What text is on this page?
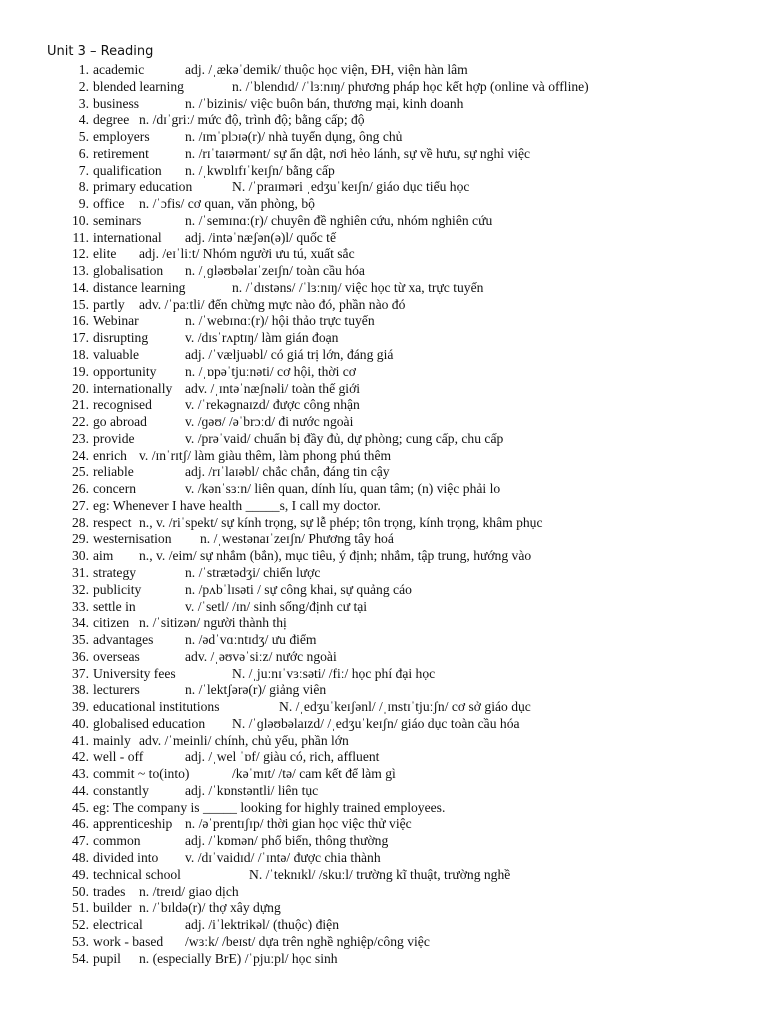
Unit 3 – Reading
1. academic	adj. /ˌækəˈdemik/ thuộc học viện, ĐH, viện hàn lâm
2. blended learning	n. /ˈblendɪd/ /ˈlɜːnɪŋ/ phương pháp học kết hợp (online và offline)
3. business	n. /ˈbizinis/ việc buôn bán, thương mại, kinh doanh
4. degree n. /dɪˈgriː/ mức độ, trình độ; bằng cấp; độ
5. employers	n. /ɪmˈplɔɪə(r)/ nhà tuyển dụng, ông chủ
6. retirement	n. /rɪˈtaɪərmənt/ sự ẩn dật, nơi hẻo lánh, sự về hưu, sự nghỉ việc
7. qualification n. /ˌkwɒlɪfɪˈkeɪʃn/ bằng cấp
8. primary education	N. /ˈpraɪməri ˌedʒuˈkeɪʃn/ giáo dục tiểu học
9. office n. /ˈɔfis/ cơ quan, văn phòng, bộ
10. seminars	n. /ˈsemɪnɑː(r)/ chuyên đề nghiên cứu, nhóm nghiên cứu
11. international adj. /intəˈnæʃən(ə)l/ quốc tế
12. elite adj. /eɪˈliːt/ Nhóm người ưu tú, xuất sắc
13. globalisation n. /ˌɡləʊbəlaɪˈzeɪʃn/ toàn cầu hóa
14. distance learning	n. /ˈdɪstəns/ /ˈlɜːnɪŋ/ việc học từ xa, trực tuyến
15. partly adv. /ˈpaːtli/ đến chừng mực nào đó, phần nào đó
16. Webinar	n. /ˈwebɪnɑː(r)/ hội thảo trực tuyến
17. disrupting	v. /dɪsˈrʌptɪŋ/ làm gián đoạn
18. valuable	adj. /ˈvæljuəbl/ có giá trị lớn, đáng giá
19. opportunity n. /ˌɒpəˈtjuːnəti/ cơ hội, thời cơ
20. internationally adv. /ˌɪntəˈnæʃnəli/ toàn thế giới
21. recognised v. /ˈrekəɡnaɪzd/ được công nhận
22. go abroad	v. /ɡəʊ/ /əˈbrɔːd/ đi nước ngoài
23. provide	v. /prəˈvaid/ chuẩn bị đầy đủ, dự phòng; cung cấp, chu cấp
24. enrich v. /ɪnˈrɪtʃ/ làm giàu thêm, làm phong phú thêm
25. reliable	adj. /rɪˈlaɪəbl/ chắc chắn, đáng tin cậy
26. concern	v. /kənˈsɜːn/ liên quan, dính líu, quan tâm; (n) việc phải lo
27. eg: Whenever I have health _____s, I call my doctor.
28. respect n., v. /riˈspekt/ sự kính trọng, sự lễ phép; tôn trọng, kính trọng, khâm phục
29. westernisation n. /ˌwestənaɪˈzeɪʃn/ Phương tây hoá
30. aim n., v. /eim/ sự nhắm (bắn), mục tiêu, ý định; nhắm, tập trung, hướng vào
31. strategy	n. /ˈstrætədʒi/ chiến lược
32. publicity	n. /pʌbˈlɪsəti / sự công khai, sự quảng cáo
33. settle in	v. /ˈsetl/ /ɪn/ sinh sống/định cư tại
34. citizen n. /ˈsitizən/ người thành thị
35. advantages n. /ədˈvɑːntɪdʒ/ ưu điểm
36. overseas	adv. /ˌəʊvəˈsiːz/ nước ngoài
37. University fees	N. /ˌjuːnɪˈvɜːsəti/ /fiː/ học phí đại học
38. lecturers	n. /ˈlektʃərə(r)/ giảng viên
39. educational institutions	N. /ˌedʒuˈkeɪʃənl/ /ˌɪnstɪˈtjuːʃn/ cơ sở giáo dục
40. globalised education N. /ˈɡləʊbəlaɪzd/ /ˌedʒuˈkeɪʃn/ giáo dục toàn cầu hóa
41. mainly adv. /ˈmeinli/ chính, chủ yếu, phần lớn
42. well - off	adj. /ˌwel ˈɒf/ giàu có, rich, affluent
43. commit ~ to(into)	/kəˈmɪt/ /tə/ cam kết để làm gì
44. constantly	adj. /ˈkɒnstəntli/ liên tục
45. eg: The company is _____ looking for highly trained employees.
46. apprenticeship n. /əˈprentɪʃɪp/ thời gian học việc thử việc
47. common	adj. /ˈkɒmən/ phổ biến, thông thường
48. divided into v. /dɪˈvaidɪd/ /ˈɪntə/ được chia thành
49. technical school	N. /ˈteknɪkl/ /skuːl/ trường kĩ thuật, trường nghề
50. trades n. /treɪd/ giao dịch
51. builder n. /ˈbɪldə(r)/ thợ xây dựng
52. electrical	adj. /iˈlektrikəl/ (thuộc) điện
53. work - based /wɜːk/ /beɪst/ dựa trên nghề nghiệp/công việc
54. pupil n. (especially BrE) /ˈpjuːpl/ học sinh
